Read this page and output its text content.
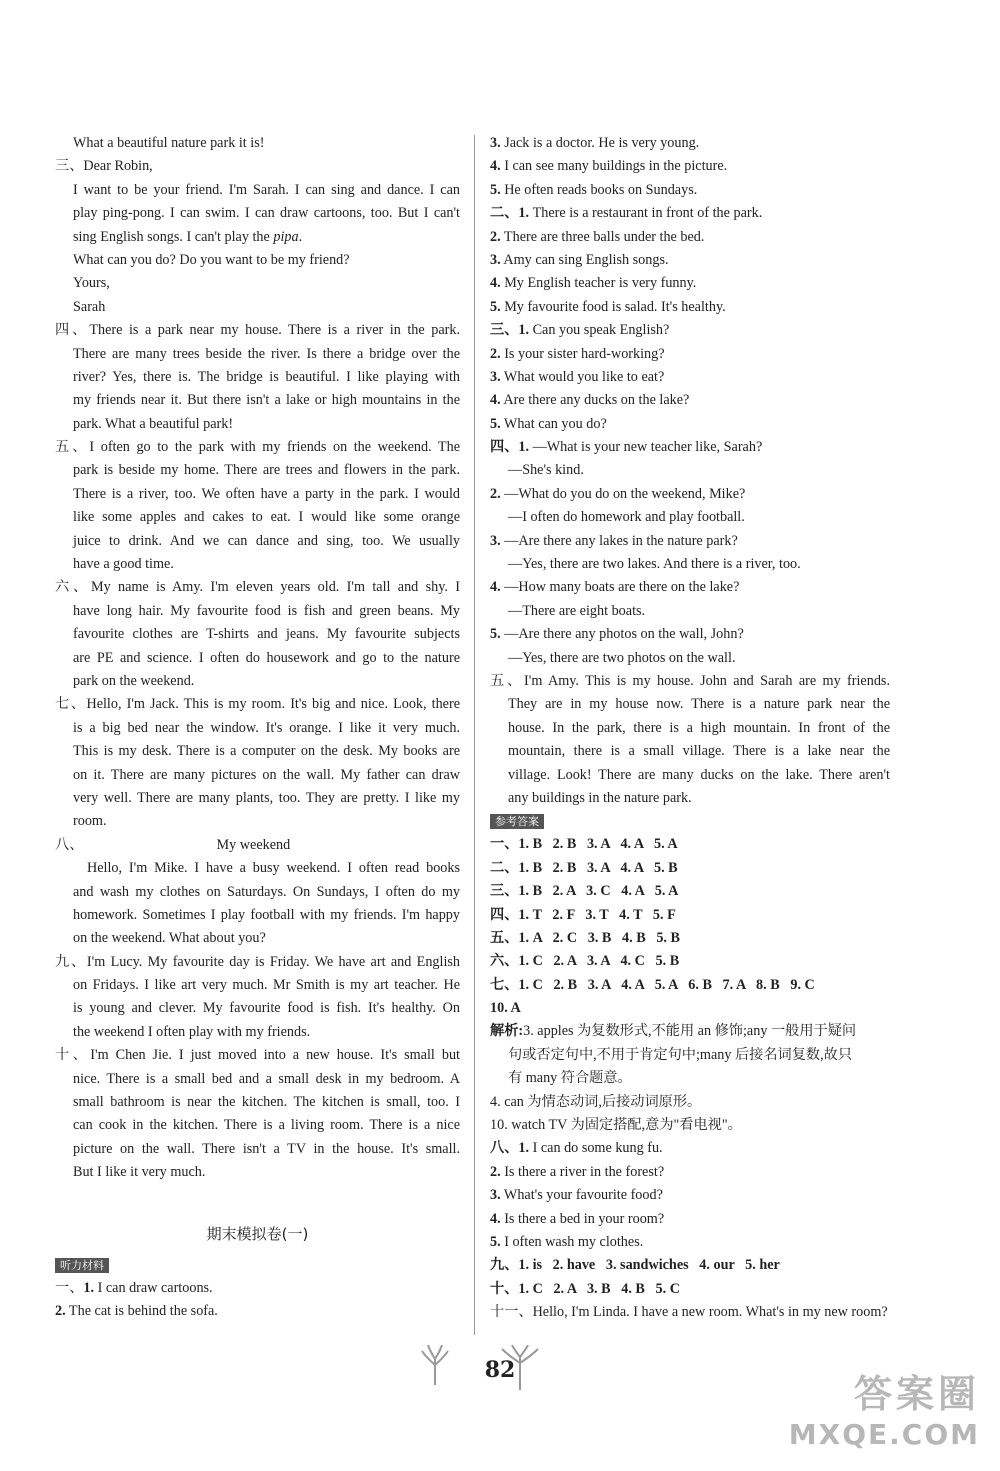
What a beautiful nature park it is!
三、Dear Robin,
I want to be your friend. I'm Sarah. I can sing and dance. I can
play ping-pong. I can swim. I can draw cartoons, too. But I can't
sing English songs. I can't play the pipa.
What can you do? Do you want to be my friend?
Yours,
Sarah
四、There is a park near my house. There is a river in the park.
There are many trees beside the river. Is there a bridge over the
river? Yes, there is. The bridge is beautiful. I like playing with
my friends near it. But there isn't a lake or high mountains in the
park. What a beautiful park!
五、I often go to the park with my friends on the weekend. The
park is beside my home. There are trees and flowers in the park.
There is a river, too. We often have a party in the park. I would
like some apples and cakes to eat. I would like some orange
juice to drink. And we can dance and sing, too. We usually
have a good time.
六、My name is Amy. I'm eleven years old. I'm tall and shy. I
have long hair. My favourite food is fish and green beans. My
favourite clothes are T-shirts and jeans. My favourite subjects
are PE and science. I often do housework and go to the nature
park on the weekend.
七、Hello, I'm Jack. This is my room. It's big and nice. Look, there
is a big bed near the window. It's orange. I like it very much.
This is my desk. There is a computer on the desk. My books are
on it. There are many pictures on the wall. My father can draw
very well. There are many plants, too. They are pretty. I like my
room.
八、	My weekend
Hello, I'm Mike. I have a busy weekend. I often read books
and wash my clothes on Saturdays. On Sundays, I often do my
homework. Sometimes I play football with my friends. I'm happy
on the weekend. What about you?
九、I'm Lucy. My favourite day is Friday. We have art and English
on Fridays. I like art very much. Mr Smith is my art teacher. He
is young and clever. My favourite food is fish. It's healthy. On
the weekend I often play with my friends.
十、I'm Chen Jie. I just moved into a new house. It's small but
nice. There is a small bed and a small desk in my bedroom. A
small bathroom is near the kitchen. The kitchen is small, too. I
can cook in the kitchen. There is a living room. There is a nice
picture on the wall. There isn't a TV in the house. It's small.
But I like it very much.
期末模拟卷(一)
听力材料
一、1. I can draw cartoons.
2. The cat is behind the sofa.
3. Jack is a doctor. He is very young.
4. I can see many buildings in the picture.
5. He often reads books on Sundays.
二、1. There is a restaurant in front of the park.
2. There are three balls under the bed.
3. Amy can sing English songs.
4. My English teacher is very funny.
5. My favourite food is salad. It's healthy.
三、1. Can you speak English?
2. Is your sister hard-working?
3. What would you like to eat?
4. Are there any ducks on the lake?
5. What can you do?
四、1. —What is your new teacher like, Sarah?
—She's kind.
2. —What do you do on the weekend, Mike?
—I often do homework and play football.
3. —Are there any lakes in the nature park?
—Yes, there are two lakes. And there is a river, too.
4. —How many boats are there on the lake?
—There are eight boats.
5. —Are there any photos on the wall, John?
—Yes, there are two photos on the wall.
五、I'm Amy. This is my house. John and Sarah are my friends.
They are in my house now. There is a nature park near the
house. In the park, there is a high mountain. In front of the
mountain, there is a small village. There is a lake near the
village. Look! There are many ducks on the lake. There aren't
any buildings in the nature park.
参考答案
一、1. B   2. B   3. A   4. A   5. A
二、1. B   2. B   3. A   4. A   5. B
三、1. B   2. A   3. C   4. A   5. A
四、1. T   2. F   3. T   4. T   5. F
五、1. A   2. C   3. B   4. B   5. B
六、1. C   2. A   3. A   4. C   5. B
七、1. C   2. B   3. A   4. A   5. A   6. B   7. A   8. B   9. C
10. A
解析:3. apples 为复数形式,不能用 an 修饰;any 一般用于疑问
句或否定句中,不用于肯定句中;many 后接名词复数,故只
有 many 符合题意。
4. can 为情态动词,后接动词原形。
10. watch TV 为固定搭配,意为"看电视"。
八、1. I can do some kung fu.
2. Is there a river in the forest?
3. What's your favourite food?
4. Is there a bed in your room?
5. I often wash my clothes.
九、1. is   2. have   3. sandwiches   4. our   5. her
十、1. C   2. A   3. B   4. B   5. C
十一、Hello, I'm Linda. I have a new room. What's in my new room?
82
答案圈
MXQE.COM
